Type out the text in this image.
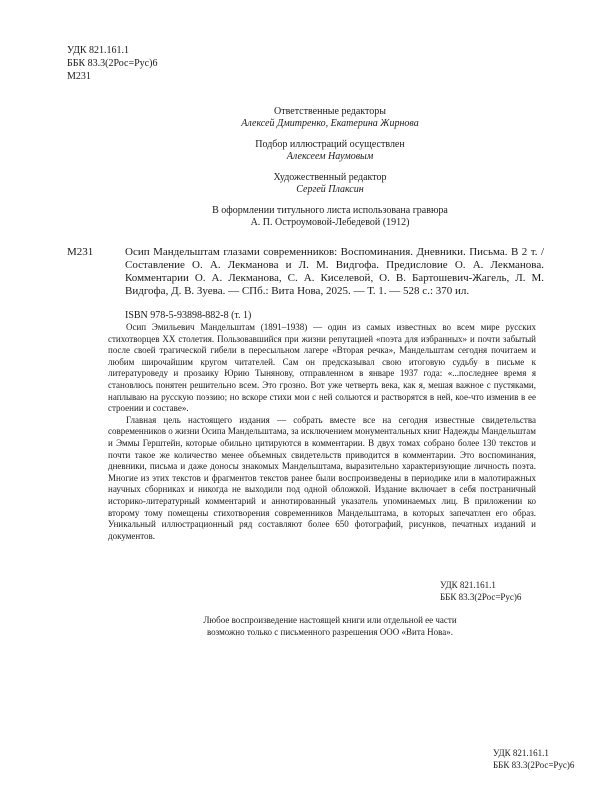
УДК 821.161.1
ББК 83.3(2Рос=Рус)6
М231
Ответственные редакторы
Алексей Дмитренко, Екатерина Жирнова
Подбор иллюстраций осуществлен
Алексеем Наумовым
Художественный редактор
Сергей Плаксин
В оформлении титульного листа использована гравюра
А. П. Остроумовой-Лебедевой (1912)
М231	Осип Мандельштам глазами современников: Воспоминания. Дневники. Письма. В 2 т. / Составление О. А. Лекманова и Л. М. Видгофа. Предисловие О. А. Лекманова. Комментарии О. А. Лекманова, С. А. Киселевой, О. В. Бартошевич-Жагель, Л. М. Видгофа, Д. В. Зуева. — СПб.: Вита Нова, 2025. — Т. 1. — 528 с.: 370 ил.
ISBN 978-5-93898-882-8 (т. 1)

Осип Эмильевич Мандельштам (1891–1938) — один из самых известных во всем мире русских стихотворцев XX столетия. Пользовавшийся при жизни репутацией «поэта для избранных» и почти забытый после своей трагической гибели в пересыльном лагере «Вторая речка», Мандельштам сегодня почитаем и любим широчайшим кругом читателей. Сам он предсказывал свою итоговую судьбу в письме к литературоведу и прозаику Юрию Тынянову, отправленном в январе 1937 года: «...последнее время я становлюсь понятен решительно всем. Это грозно. Вот уже четверть века, как я, мешая важное с пустяками, наплываю на русскую поэзию; но вскоре стихи мои с ней сольются и растворятся в ней, кое-что изменив в ее строении и составе».

Главная цель настоящего издания — собрать вместе все на сегодня известные свидетельства современников о жизни Осипа Мандельштама, за исключением монументальных книг Надежды Мандельштам и Эммы Герштейн, которые обильно цитируются в комментарии. В двух томах собрано более 130 текстов и почти такое же количество менее объемных свидетельств приводится в комментарии. Это воспоминания, дневники, письма и даже доносы знакомых Мандельштама, выразительно характеризующие личность поэта. Многие из этих текстов и фрагментов текстов ранее были воспроизведены в периодике или в малотиражных научных сборниках и никогда не выходили под одной обложкой. Издание включает в себя постраничный историко-литературный комментарий и аннотированный указатель упоминаемых лиц. В приложении ко второму тому помещены стихотворения современников Мандельштама, в которых запечатлен его образ. Уникальный иллюстрационный ряд составляют более 650 фотографий, рисунков, печатных изданий и документов.

УДК 821.161.1
ББК 83.3(2Рос=Рус)6
Любое воспроизведение настоящей книги или отдельной ее части
возможно только с письменного разрешения ООО «Вита Нова».
УДК 821.161.1
ББК 83.3(2Рос=Рус)6
